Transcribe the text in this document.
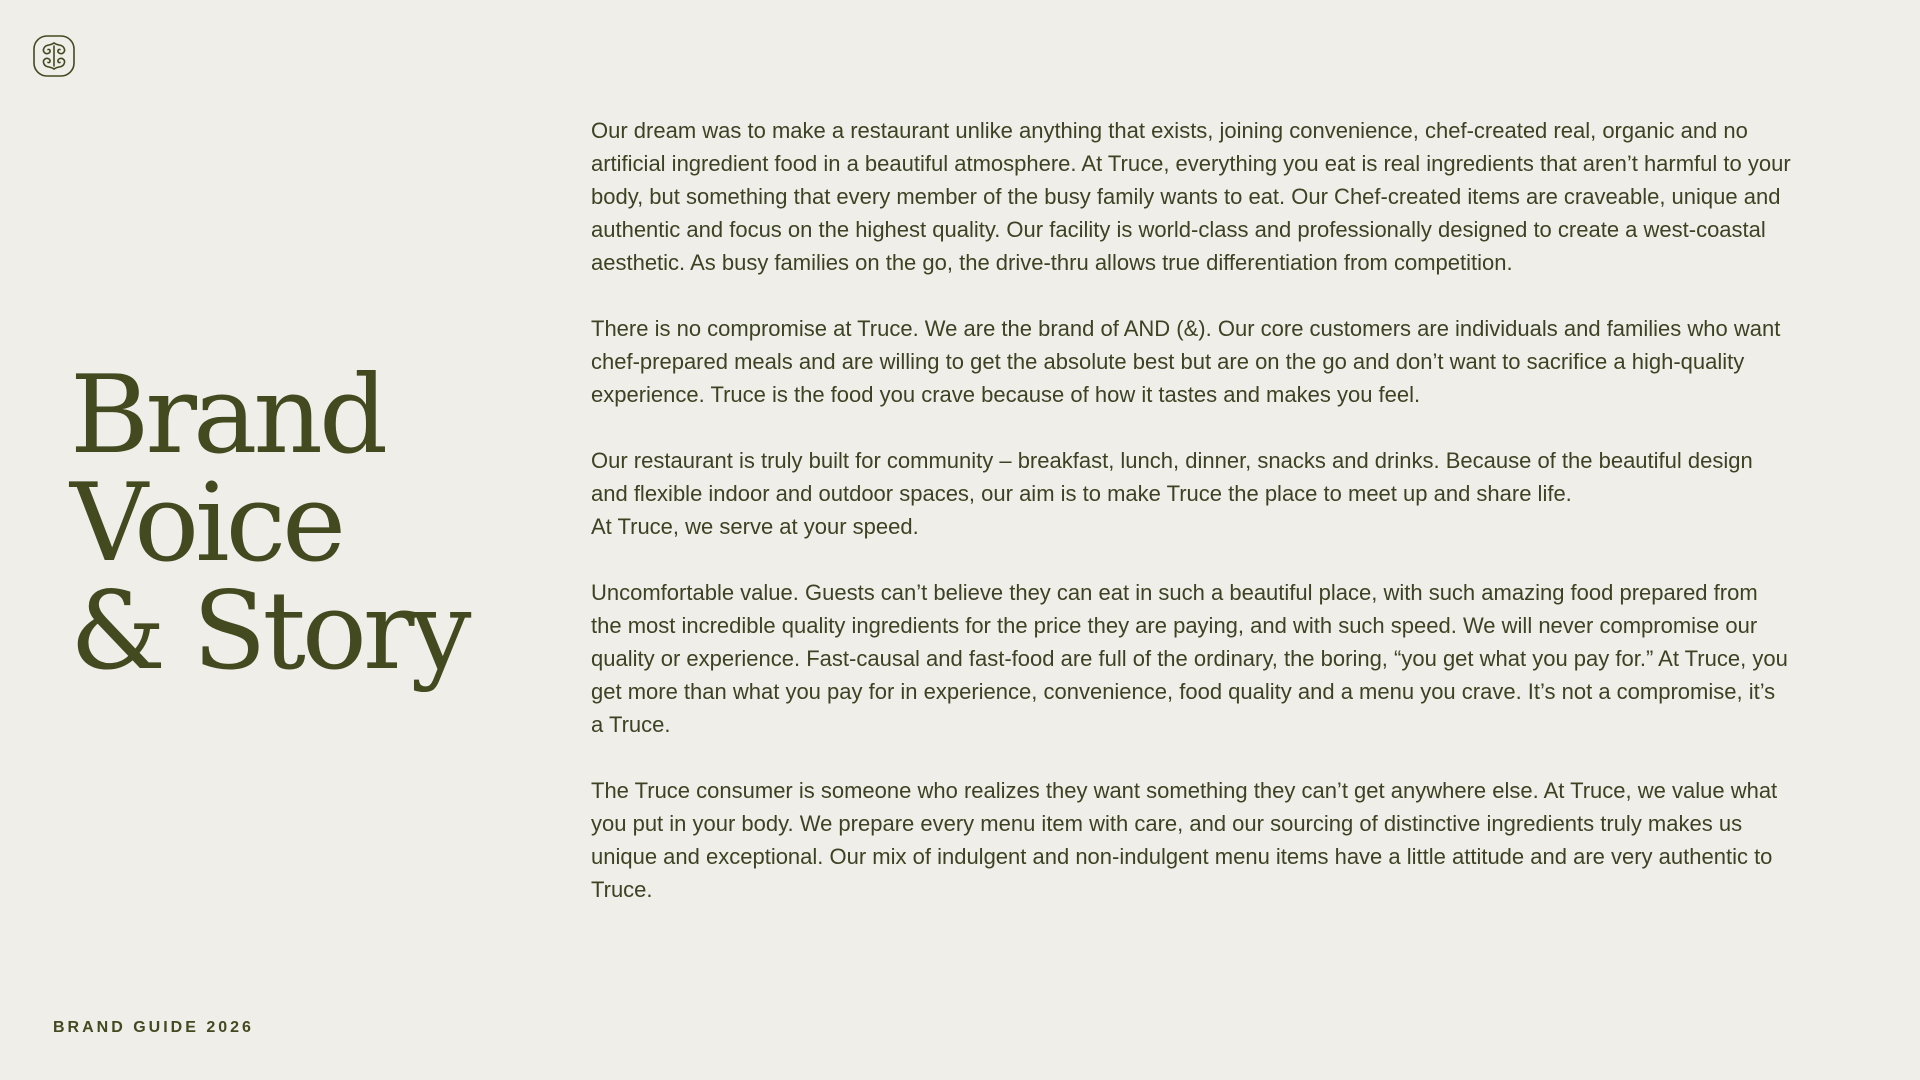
Brand
Voice
& Story

Our dream was to make a restaurant unlike anything that exists, joining convenience, chef-created real, organic and no artificial ingredient food in a beautiful atmosphere. At Truce, everything you eat is real ingredients that aren’t harmful to your body, but something that every member of the busy family wants to eat. Our Chef-created items are craveable, unique and authentic and focus on the highest quality. Our facility is world-class and professionally designed to create a west-coastal aesthetic. As busy families on the go, the drive-thru allows true differentiation from competition.

There is no compromise at Truce. We are the brand of AND (&). Our core customers are individuals and families who want chef-prepared meals and are willing to get the absolute best but are on the go and don’t want to sacrifice a high-quality experience. Truce is the food you crave because of how it tastes and makes you feel.

Our restaurant is truly built for community – breakfast, lunch, dinner, snacks and drinks. Because of the beautiful design and flexible indoor and outdoor spaces, our aim is to make Truce the place to meet up and share life.

At Truce, we serve at your speed.

Uncomfortable value. Guests can’t believe they can eat in such a beautiful place, with such amazing food prepared from the most incredible quality ingredients for the price they are paying, and with such speed. We will never compromise our quality or experience. Fast-causal and fast-food are full of the ordinary, the boring, “you get what you pay for.” At Truce, you get more than what you pay for in experience, convenience, food quality and a menu you crave. It’s not a compromise, it’s a Truce.

The Truce consumer is someone who realizes they want something they can’t get anywhere else. At Truce, we value what you put in your body. We prepare every menu item with care, and our sourcing of distinctive ingredients truly makes us unique and exceptional. Our mix of indulgent and non-indulgent menu items have a little attitude and are very authentic to Truce.

BRAND GUIDE 2026
